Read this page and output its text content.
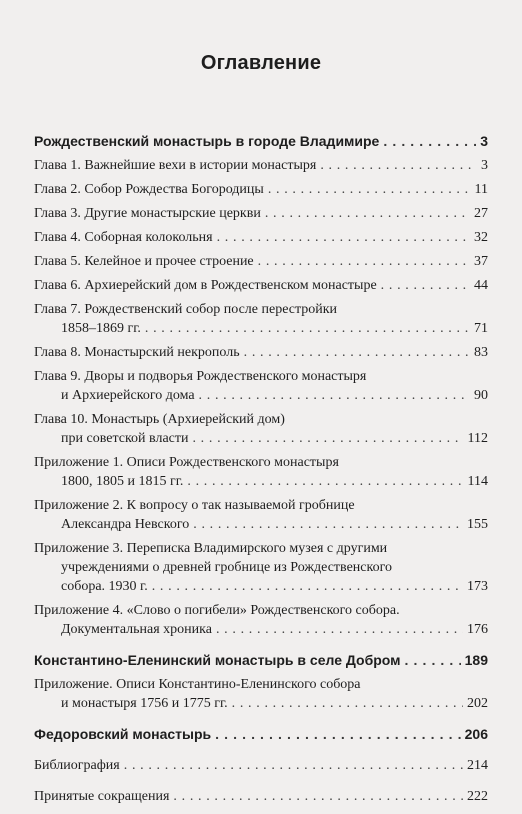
Оглавление
Рождественский монастырь в городе Владимире . . .	3
Глава 1. Важнейшие вехи в истории монастыря . . .	3
Глава 2. Собор Рождества Богородицы . . .	11
Глава 3. Другие монастырские церкви . . .	27
Глава 4. Соборная колокольня . . .	32
Глава 5. Келейное и прочее строение . . .	37
Глава 6. Архиерейский дом в Рождественском монастыре . . .	44
Глава 7. Рождественский собор после перестройки
1858–1869 гг. . . .	71
Глава 8. Монастырский некрополь . . .	83
Глава 9. Дворы и подворья Рождественского монастыря
и Архиерейского дома . . .	90
Глава 10. Монастырь (Архиерейский дом)
при советской власти . . .	112
Приложение 1. Описи Рождественского монастыря
1800, 1805 и 1815 гг. . . .	114
Приложение 2. К вопросу о так называемой гробнице
Александра Невского . . .	155
Приложение 3. Переписка Владимирского музея с другими
учреждениями о древней гробнице из Рождественского
собора. 1930 г. . . .	173
Приложение 4. «Слово о погибели» Рождественского собора.
Документальная хроника . . .	176
Константино-Еленинский монастырь в селе Добром . . .	189
Приложение. Описи Константино-Еленинского собора
и монастыря 1756 и 1775 гг. . . .	202
Федоровский монастырь . . .	206
Библиография . . .	214
Принятые сокращения . . .	222
